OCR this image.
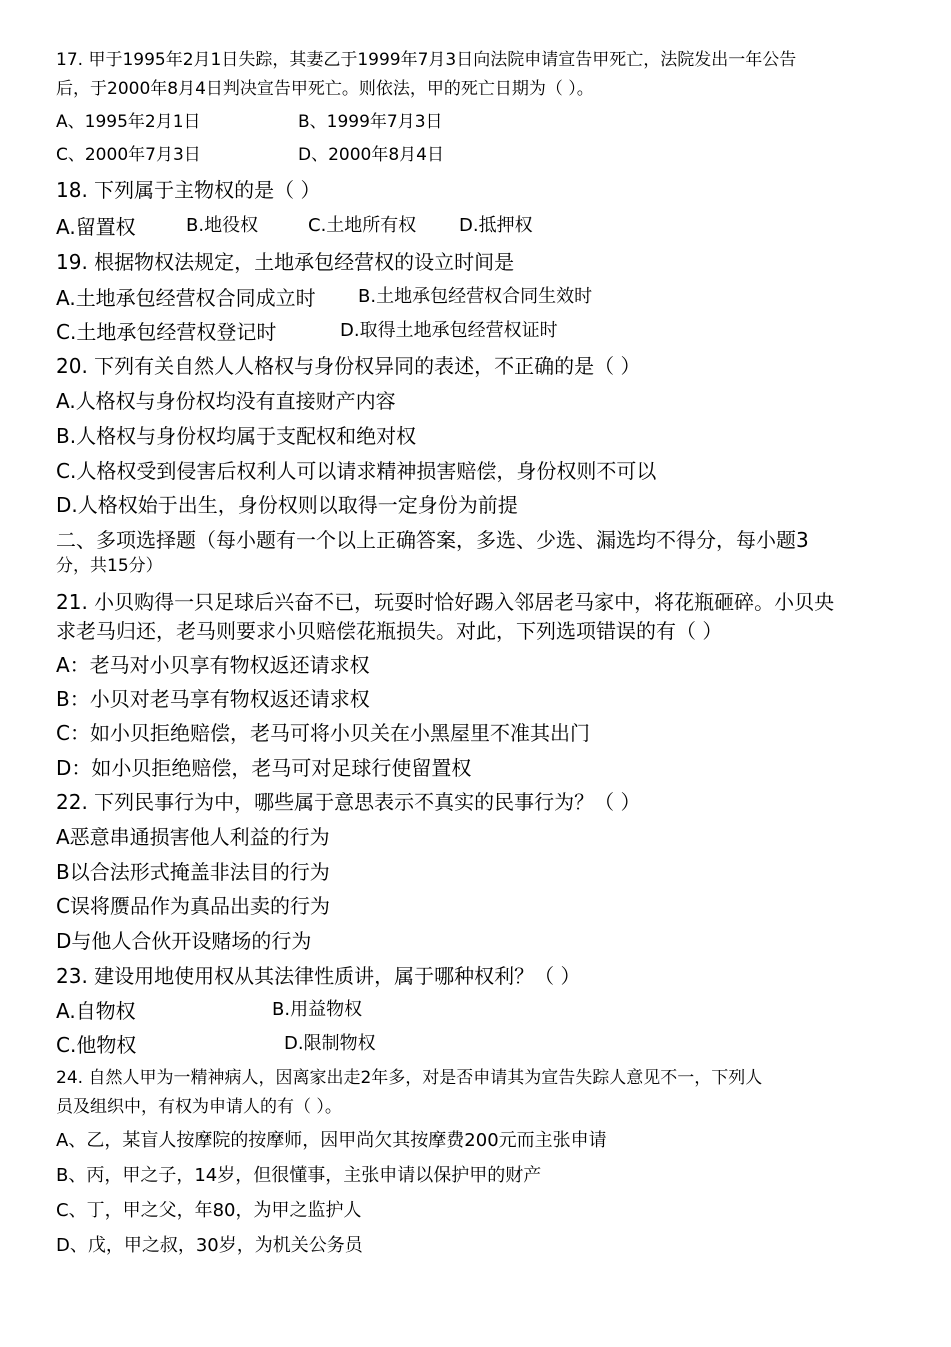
17. 甲于1995年2月1日失踪，其妻乙于1999年7月3日向法院申请宣告甲死亡，法院发出一年公告
后，于2000年8月4日判决宣告甲死亡。则依法，甲的死亡日期为（ ）。
A、1995年2月1日	B、1999年7月3日
C、2000年7月3日	D、2000年8月4日
18. 下列属于主物权的是（ ）
A.留置权	B.地役权	C.土地所有权 D.抵押权
19. 根据物权法规定，土地承包经营权的设立时间是
A.土地承包经营权合同成立时 B.土地承包经营权合同生效时
C.土地承包经营权登记时	D.取得土地承包经营权证时
20. 下列有关自然人人格权与身份权异同的表述，不正确的是（ ）
A.人格权与身份权均没有直接财产内容
B.人格权与身份权均属于支配权和绝对权
C.人格权受到侵害后权利人可以请求精神损害赔偿，身份权则不可以
D.人格权始于出生，身份权则以取得一定身份为前提
二、多项选择题（每小题有一个以上正确答案，多选、少选、漏选均不得分，每小题3
分，共15分）
21. 小贝购得一只足球后兴奋不已，玩耍时恰好踢入邻居老马家中，将花瓶砸碎。小贝央
求老马归还，老马则要求小贝赔偿花瓶损失。对此，下列选项错误的有（ ）
A：老马对小贝享有物权返还请求权
B：小贝对老马享有物权返还请求权
C：如小贝拒绝赔偿，老马可将小贝关在小黑屋里不准其出门
D：如小贝拒绝赔偿，老马可对足球行使留置权
22. 下列民事行为中，哪些属于意思表示不真实的民事行为？（ ）
A恶意串通损害他人利益的行为
B以合法形式掩盖非法目的行为
C误将赝品作为真品出卖的行为
D与他人合伙开设赌场的行为
23. 建设用地使用权从其法律性质讲，属于哪种权利？（ ）
A.自物权	B.用益物权
C.他物权	D.限制物权
24. 自然人甲为一精神病人，因离家出走2年多，对是否申请其为宣告失踪人意见不一，下列人
员及组织中，有权为申请人的有（ ）。
A、乙，某盲人按摩院的按摩师，因甲尚欠其按摩费200元而主张申请
B、丙，甲之子，14岁，但很懂事，主张申请以保护甲的财产
C、丁，甲之父，年80，为甲之监护人
D、戊，甲之叔，30岁，为机关公务员
